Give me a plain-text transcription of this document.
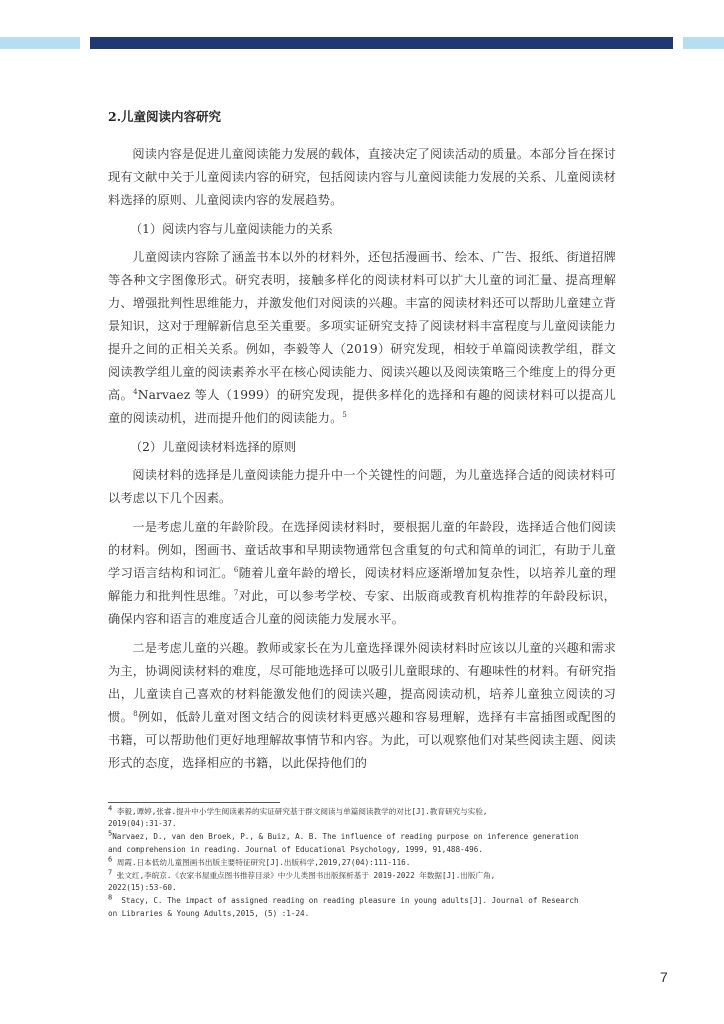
2.儿童阅读内容研究

阅读内容是促进儿童阅读能力发展的载体，直接决定了阅读活动的质量。本部分旨在探讨现有文献中关于儿童阅读内容的研究，包括阅读内容与儿童阅读能力发展的关系、儿童阅读材料选择的原则、儿童阅读内容的发展趋势。

（1）阅读内容与儿童阅读能力的关系

儿童阅读内容除了涵盖书本以外的材料外，还包括漫画书、绘本、广告、报纸、街道招牌等各种文字图像形式。研究表明，接触多样化的阅读材料可以扩大儿童的词汇量、提高理解力、增强批判性思维能力，并激发他们对阅读的兴趣。丰富的阅读材料还可以帮助儿童建立背景知识，这对于理解新信息至关重要。多项实证研究支持了阅读材料丰富程度与儿童阅读能力提升之间的正相关关系。例如，李毅等人（2019）研究发现，相较于单篇阅读教学组，群文阅读教学组儿童的阅读素养水平在核心阅读能力、阅读兴趣以及阅读策略三个维度上的得分更高。$^4$Narvaez 等人（1999）的研究发现，提供多样化的选择和有趣的阅读材料可以提高儿童的阅读动机，进而提升他们的阅读能力。$^5$

（2）儿童阅读材料选择的原则

阅读材料的选择是儿童阅读能力提升中一个关键性的问题，为儿童选择合适的阅读材料可以考虑以下几个因素。

一是考虑儿童的年龄阶段。在选择阅读材料时，要根据儿童的年龄段，选择适合他们阅读的材料。例如，图画书、童话故事和早期读物通常包含重复的句式和简单的词汇，有助于儿童学习语言结构和词汇。$^6$随着儿童年龄的增长，阅读材料应逐渐增加复杂性，以培养儿童的理解能力和批判性思维。$^7$对此，可以参考学校、专家、出版商或教育机构推荐的年龄段标识，确保内容和语言的难度适合儿童的阅读能力发展水平。

二是考虑儿童的兴趣。教师或家长在为儿童选择课外阅读材料时应该以儿童的兴趣和需求为主，协调阅读材料的难度，尽可能地选择可以吸引儿童眼球的、有趣味性的材料。有研究指出，儿童读自己喜欢的材料能激发他们的阅读兴趣，提高阅读动机，培养儿童独立阅读的习惯。$^8$例如，低龄儿童对图文结合的阅读材料更感兴趣和容易理解，选择有丰富插图或配图的书籍，可以帮助他们更好地理解故事情节和内容。为此，可以观察他们对某些阅读主题、阅读形式的态度，选择相应的书籍，以此保持他们的

$^4$ 李毅,谭婷,张睿.提升中小学生阅读素养的实证研究基于群文阅读与单篇阅读教学的对比[J].教育研究与实验,
2019(04):31-37.
$^5$Narvaez, D., van den Broek, P., & Buiz, A. B. The influence of reading purpose on inference generation
and comprehension in reading. Journal of Educational Psychology, 1999, 91,488-496.
$^6$ 周霞.日本低幼儿童图画书出版主要特征研究[J].出版科学,2019,27(04):111-116.
$^7$ 张文红,李皖京.《农家书屋重点图书推荐目录》中少儿类图书出版探析基于 2019-2022 年数据[J].出版广角,
2022(15):53-60.
$^8$  Stacy, C. The impact of assigned reading on reading pleasure in young adults[J]. Journal of Research
on Libraries & Young Adults,2015, (5) :1-24.
7
